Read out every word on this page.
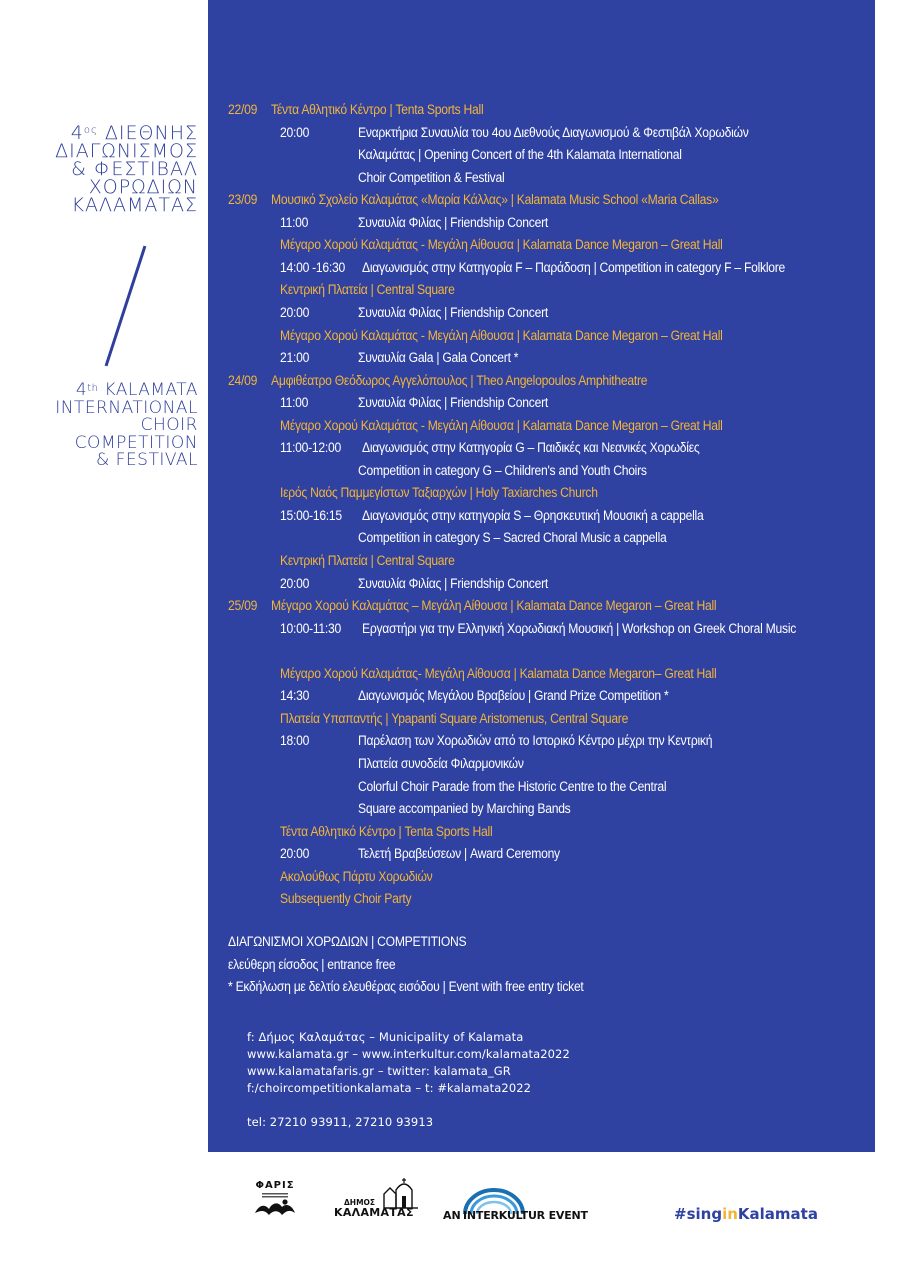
$4^{o\varsigma}$ ΔΙΕΘΝΗΣ
ΔΙΑΓΩΝΙΣΜΟΣ
& ΦΕΣΤΙΒΑΛ
ΧΟΡΩΔΙΩΝ
ΚΑΛΑΜΑΤΑΣ
4th KALAMATA
INTERNATIONAL
CHOIR
COMPETITION
& FESTIVAL
22/09 Τέντα Αθλητικό Κέντρο | Tenta Sports Hall
20:00	Εναρκτήρια Συναυλία του 4ου Διεθνούς Διαγωνισμού & Φεστιβάλ Χορωδιών
Καλαμάτας | Opening Concert of the 4th Kalamata International
Choir Competition & Festival
23/09 Μουσικό Σχολείο Καλαμάτας «Μαρία Κάλλας» | Kalamata Music School «Maria Callas»
11:00	Συναυλία Φιλίας | Friendship Concert
Μέγαρο Χορού Καλαμάτας - Μεγάλη Αίθουσα | Kalamata Dance Megaron – Great Hall
14:00 -16:30 Διαγωνισμός στην Κατηγορία F – Παράδοση | Competition in category F – Folklore
Κεντρική Πλατεία | Central Square
20:00	Συναυλία Φιλίας | Friendship Concert
Μέγαρο Χορού Καλαμάτας - Μεγάλη Αίθουσα | Kalamata Dance Megaron – Great Hall
21:00	Συναυλία Gala | Gala Concert *
24/09 Αμφιθέατρο Θεόδωρος Αγγελόπουλος | Theo Angelopoulos Amphitheatre
11:00	Συναυλία Φιλίας | Friendship Concert
Μέγαρο Χορού Καλαμάτας - Μεγάλη Αίθουσα | Kalamata Dance Megaron – Great Hall
11:00-12:00 Διαγωνισμός στην Κατηγορία G – Παιδικές και Νεανικές Χορωδίες
Competition in category G – Children's and Youth Choirs
Ιερός Ναός Παμμεγίστων Ταξιαρχών | Holy Taxiarches Church
15:00-16:15 Διαγωνισμός στην κατηγορία S – Θρησκευτική Μουσική a cappella
Competition in category S – Sacred Choral Music a cappella
Κεντρική Πλατεία | Central Square
20:00	Συναυλία Φιλίας | Friendship Concert
25/09 Μέγαρο Χορού Καλαμάτας – Μεγάλη Αίθουσα | Kalamata Dance Megaron – Great Hall
10:00-11:30 Εργαστήρι για την Ελληνική Χορωδιακή Μουσική | Workshop on Greek Choral Music
Μέγαρο Χορού Καλαμάτας- Μεγάλη Αίθουσα | Kalamata Dance Megaron– Great Hall
14:30	Διαγωνισμός Μεγάλου Βραβείου | Grand Prize Competition *
Πλατεία Υπαπαντής | Ypapanti Square Aristomenus, Central Square
18:00	Παρέλαση των Χορωδιών από το Ιστορικό Κέντρο μέχρι την Κεντρική
Πλατεία συνοδεία Φιλαρμονικών
Colorful Choir Parade from the Historic Centre to the Central
Square accompanied by Marching Bands
Τέντα Αθλητικό Κέντρο | Tenta Sports Hall
20:00	Τελετή Βραβεύσεων | Award Ceremony
Ακολούθως Πάρτυ Χορωδιών
Subsequently Choir Party
ΔΙΑΓΩΝΙΣΜΟΙ ΧΟΡΩΔΙΩΝ | COMPETITIONS
ελεύθερη είσοδος | entrance free
* Εκδήλωση με δελτίο ελευθέρας εισόδου | Event with free entry ticket
f: Δήμος Καλαμάτας – Municipality of Kalamata
www.kalamata.gr – www.interkultur.com/kalamata2022
www.kalamatafaris.gr – twitter: kalamata_GR
f:/choircompetitionkalamata – t: #kalamata2022
tel: 27210 93911, 27210 93913
ΦΑΡΙΣ
ΔΗΜΟΣ
ΚΑΛΑΜΑΤΑΣ	AN INTERKULTUR EVENT	#singinKalamata
